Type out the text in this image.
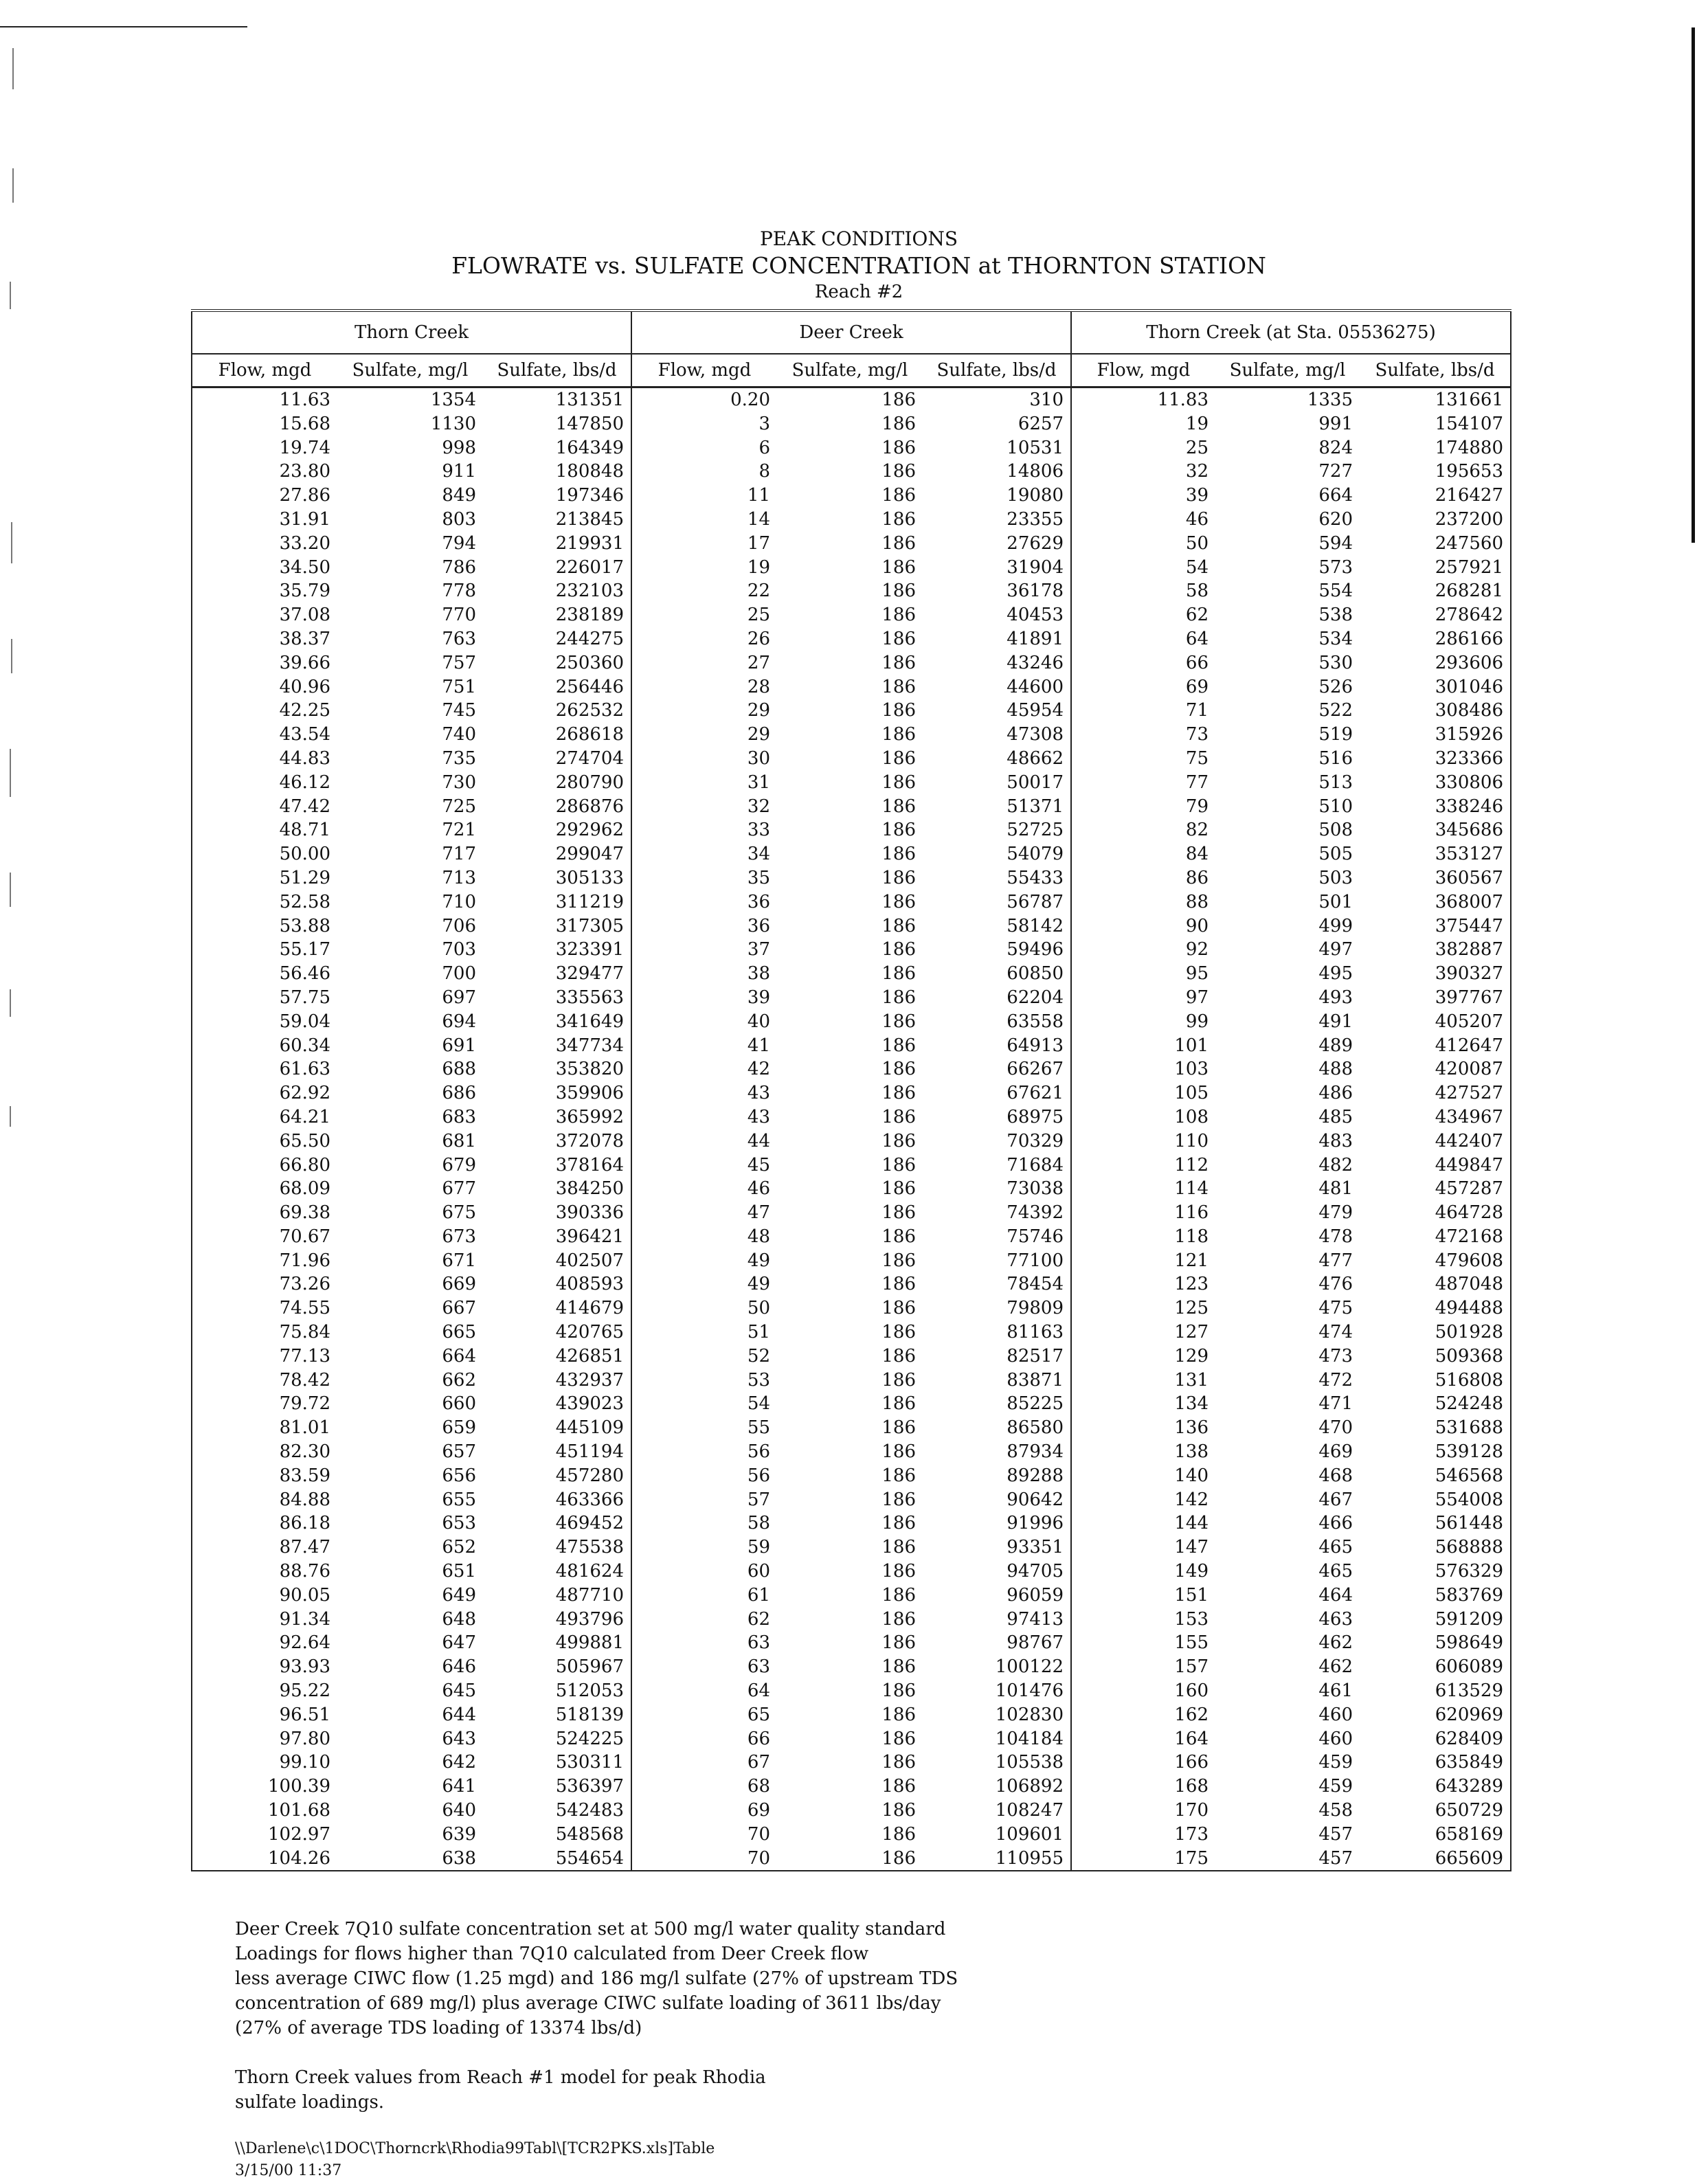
PEAK CONDITIONS
FLOWRATE vs. SULFATE CONCENTRATION at THORNTON STATION
Reach #2
Thorn Creek			Deer Creek			Thorn Creek (at Sta. 05536275)		
Flow, mgd	Sulfate, mg/l	Sulfate, lbs/d	Flow, mgd	Sulfate, mg/l	Sulfate, lbs/d	Flow, mgd	Sulfate, mg/l	Sulfate, lbs/d
11.63	1354	131351	0.20	186	310	11.83	1335	131661
15.68	1130	147850	3	186	6257	19	991	154107
19.74	998	164349	6	186	10531	25	824	174880
23.80	911	180848	8	186	14806	32	727	195653
27.86	849	197346	11	186	19080	39	664	216427
31.91	803	213845	14	186	23355	46	620	237200
33.20	794	219931	17	186	27629	50	594	247560
34.50	786	226017	19	186	31904	54	573	257921
35.79	778	232103	22	186	36178	58	554	268281
37.08	770	238189	25	186	40453	62	538	278642
38.37	763	244275	26	186	41891	64	534	286166
39.66	757	250360	27	186	43246	66	530	293606
40.96	751	256446	28	186	44600	69	526	301046
42.25	745	262532	29	186	45954	71	522	308486
43.54	740	268618	29	186	47308	73	519	315926
44.83	735	274704	30	186	48662	75	516	323366
46.12	730	280790	31	186	50017	77	513	330806
47.42	725	286876	32	186	51371	79	510	338246
48.71	721	292962	33	186	52725	82	508	345686
50.00	717	299047	34	186	54079	84	505	353127
51.29	713	305133	35	186	55433	86	503	360567
52.58	710	311219	36	186	56787	88	501	368007
53.88	706	317305	36	186	58142	90	499	375447
55.17	703	323391	37	186	59496	92	497	382887
56.46	700	329477	38	186	60850	95	495	390327
57.75	697	335563	39	186	62204	97	493	397767
59.04	694	341649	40	186	63558	99	491	405207
60.34	691	347734	41	186	64913	101	489	412647
61.63	688	353820	42	186	66267	103	488	420087
62.92	686	359906	43	186	67621	105	486	427527
64.21	683	365992	43	186	68975	108	485	434967
65.50	681	372078	44	186	70329	110	483	442407
66.80	679	378164	45	186	71684	112	482	449847
68.09	677	384250	46	186	73038	114	481	457287
69.38	675	390336	47	186	74392	116	479	464728
70.67	673	396421	48	186	75746	118	478	472168
71.96	671	402507	49	186	77100	121	477	479608
73.26	669	408593	49	186	78454	123	476	487048
74.55	667	414679	50	186	79809	125	475	494488
75.84	665	420765	51	186	81163	127	474	501928
77.13	664	426851	52	186	82517	129	473	509368
78.42	662	432937	53	186	83871	131	472	516808
79.72	660	439023	54	186	85225	134	471	524248
81.01	659	445109	55	186	86580	136	470	531688
82.30	657	451194	56	186	87934	138	469	539128
83.59	656	457280	56	186	89288	140	468	546568
84.88	655	463366	57	186	90642	142	467	554008
86.18	653	469452	58	186	91996	144	466	561448
87.47	652	475538	59	186	93351	147	465	568888
88.76	651	481624	60	186	94705	149	465	576329
90.05	649	487710	61	186	96059	151	464	583769
91.34	648	493796	62	186	97413	153	463	591209
92.64	647	499881	63	186	98767	155	462	598649
93.93	646	505967	63	186	100122	157	462	606089
95.22	645	512053	64	186	101476	160	461	613529
96.51	644	518139	65	186	102830	162	460	620969
97.80	643	524225	66	186	104184	164	460	628409
99.10	642	530311	67	186	105538	166	459	635849
100.39	641	536397	68	186	106892	168	459	643289
101.68	640	542483	69	186	108247	170	458	650729
102.97	639	548568	70	186	109601	173	457	658169
104.26	638	554654	70	186	110955	175	457	665609

Deer Creek 7Q10 sulfate concentration set at 500 mg/l water quality standard

Loadings for flows higher than 7Q10 calculated from Deer Creek flow

less average CIWC flow (1.25 mgd) and 186 mg/l sulfate (27% of upstream TDS

concentration of 689 mg/l) plus average CIWC sulfate loading of 3611 lbs/day

(27% of average TDS loading of 13374 lbs/d)

Thorn Creek values from Reach #1 model for peak Rhodia

sulfate loadings.

\\Darlene\c\1DOC\Thorncrk\Rhodia99Tabl\[TCR2PKS.xls]Table
3/15/00 11:37
